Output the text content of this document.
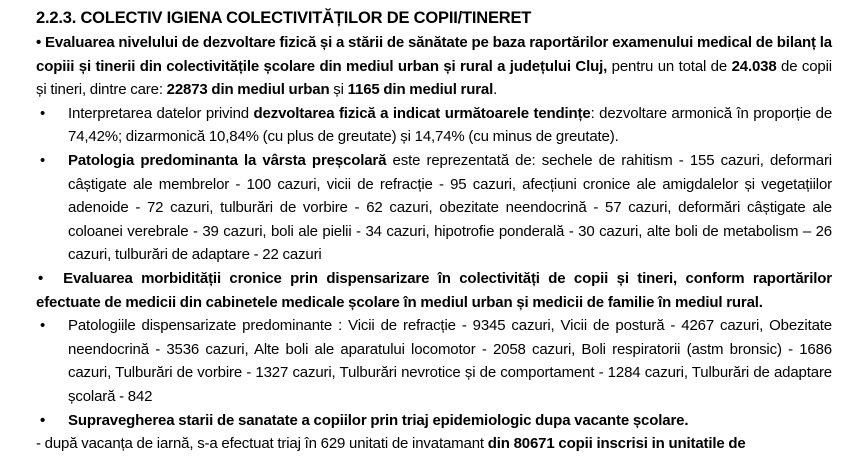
2.2.3. COLECTIV IGIENA COLECTIVITĂȚILOR DE COPII/TINERET

• Evaluarea nivelului de dezvoltare fizică și a stării de sănătate pe baza raportărilor examenului medical de bilanț la copiii și tinerii din colectivitățile școlare din mediul urban și rural a județului Cluj, pentru un total de 24.038 de copii și tineri, dintre care: 22873 din mediul urban și 1165 din mediul rural.

• Interpretarea datelor privind dezvoltarea fizică a indicat următoarele tendințe: dezvoltare armonică în proporție de 74,42%; dizarmonică 10,84% (cu plus de greutate) și 14,74% (cu minus de greutate).

• Patologia predominanta la vârsta preșcolară este reprezentată de: sechele de rahitism - 155 cazuri, deformari câștigate ale membrelor - 100 cazuri, vicii de refracție - 95 cazuri, afecțiuni cronice ale amigdalelor și vegetațiilor adenoide - 72 cazuri, tulburări de vorbire - 62 cazuri, obezitate neendocrină - 57 cazuri, deformări câștigate ale coloanei verebrale - 39 cazuri, boli ale pielii - 34 cazuri, hipotrofie ponderală - 30 cazuri, alte boli de metabolism – 26 cazuri, tulburări de adaptare - 22 cazuri

• Evaluarea morbidității cronice prin dispensarizare în colectivități de copii și tineri, conform raportărilor efectuate de medicii din cabinetele medicale școlare în mediul urban și medicii de familie în mediul rural.

• Patologiile dispensarizate predominante : Vicii de refracție - 9345 cazuri, Vicii de postură - 4267 cazuri, Obezitate neendocrină - 3536 cazuri, Alte boli ale aparatului locomotor - 2058 cazuri, Boli respiratorii (astm bronsic) - 1686 cazuri, Tulburări de vorbire - 1327 cazuri, Tulburări nevrotice și de comportament - 1284 cazuri, Tulburări de adaptare școlară - 842

• Supravegherea starii de sanatate a copiilor prin triaj epidemiologic dupa vacante școlare.

- după vacanța de iarnă, s-a efectuat triaj în 629 unitati de invatamant din 80671 copii inscrisi in unitatile de
